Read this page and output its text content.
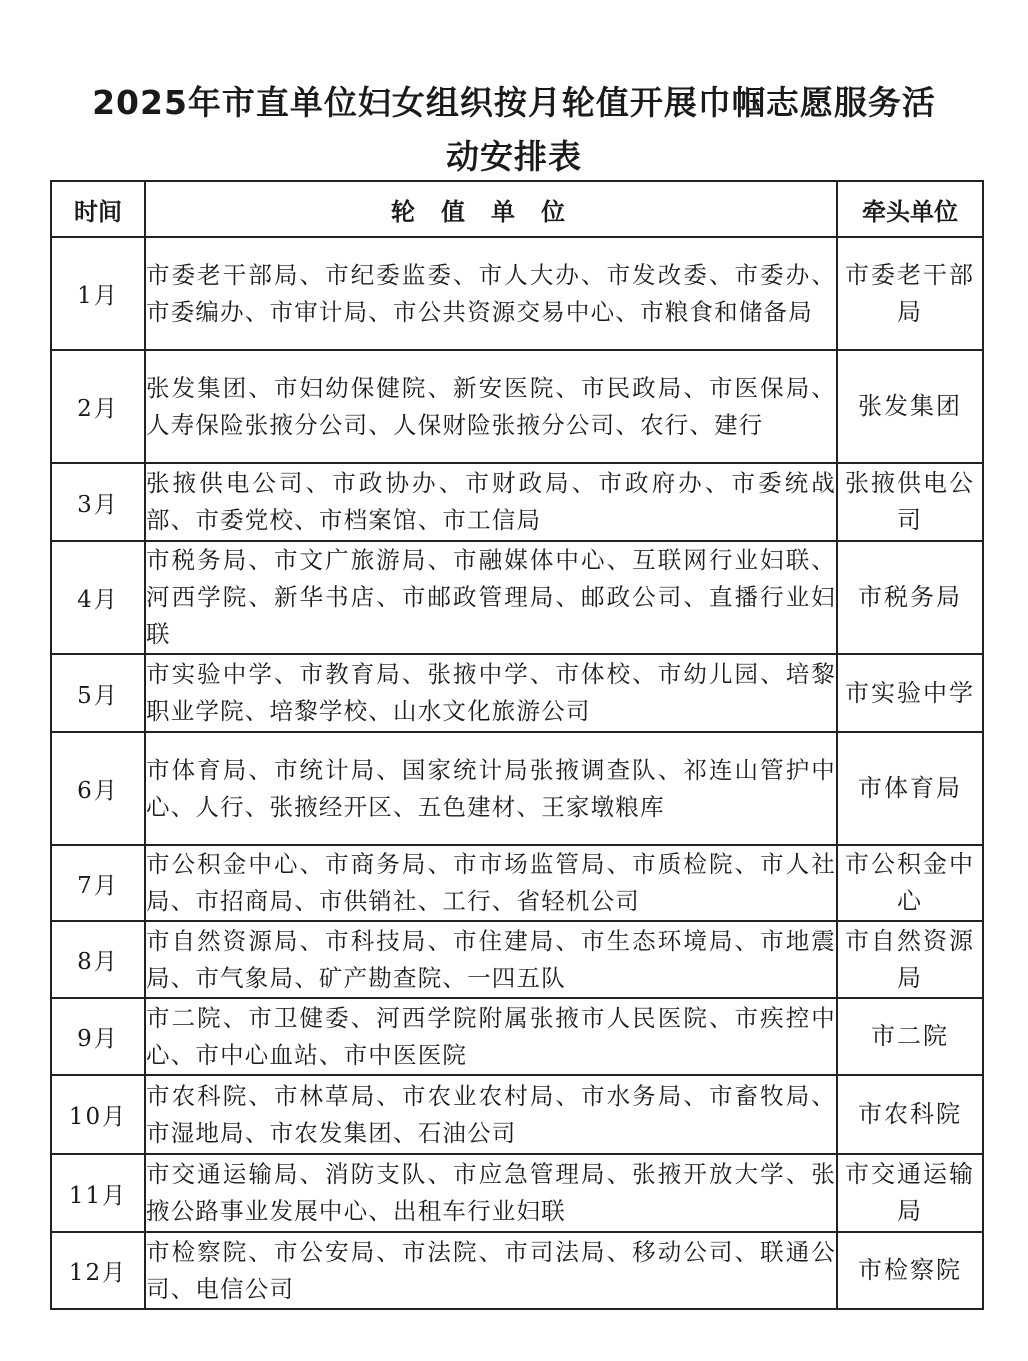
2025年市直单位妇女组织按月轮值开展巾帼志愿服务活
动安排表
时间	轮值单位	牵头单位
1月	市委老干部局、市纪委监委、市人大办、市发改委、市委办、市委编办、市审计局、市公共资源交易中心、市粮食和储备局	市委老干部局
2月	张发集团、市妇幼保健院、新安医院、市民政局、市医保局、人寿保险张掖分公司、人保财险张掖分公司、农行、建行	张发集团
3月	张掖供电公司、市政协办、市财政局、市政府办、市委统战部、市委党校、市档案馆、市工信局	张掖供电公司
4月	市税务局、市文广旅游局、市融媒体中心、互联网行业妇联、河西学院、新华书店、市邮政管理局、邮政公司、直播行业妇联	市税务局
5月	市实验中学、市教育局、张掖中学、市体校、市幼儿园、培黎职业学院、培黎学校、山水文化旅游公司	市实验中学
6月	市体育局、市统计局、国家统计局张掖调查队、祁连山管护中心、人行、张掖经开区、五色建材、王家墩粮库	市体育局
7月	市公积金中心、市商务局、市市场监管局、市质检院、市人社局、市招商局、市供销社、工行、省轻机公司	市公积金中心
8月	市自然资源局、市科技局、市住建局、市生态环境局、市地震局、市气象局、矿产勘查院、一四五队	市自然资源局
9月	市二院、市卫健委、河西学院附属张掖市人民医院、市疾控中心、市中心血站、市中医医院	市二院
10月	市农科院、市林草局、市农业农村局、市水务局、市畜牧局、市湿地局、市农发集团、石油公司	市农科院
11月	市交通运输局、消防支队、市应急管理局、张掖开放大学、张掖公路事业发展中心、出租车行业妇联	市交通运输局
12月	市检察院、市公安局、市法院、市司法局、移动公司、联通公司、电信公司	市检察院
